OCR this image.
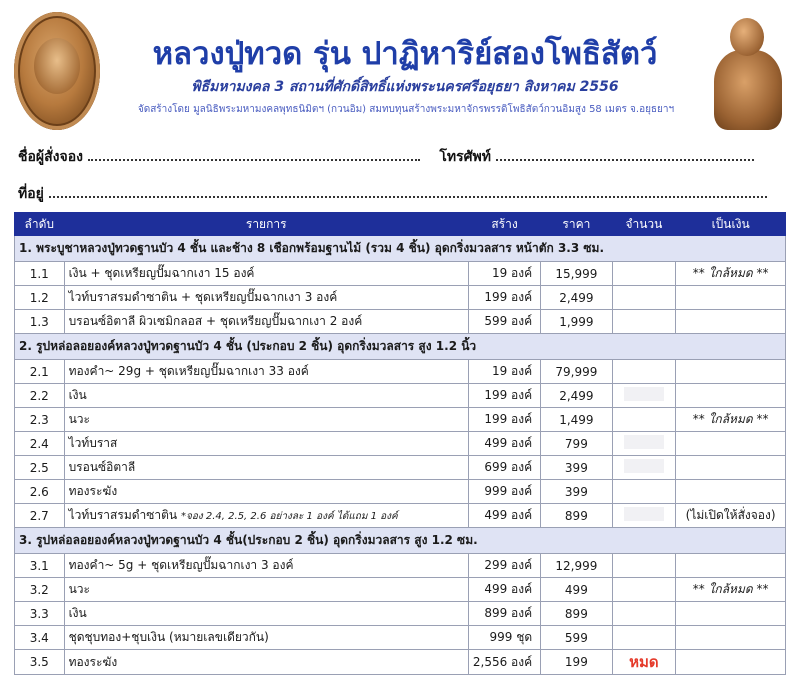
หลวงปู่ทวด รุ่น ปาฏิหาริย์สองโพธิสัตว์
พิธีมหามงคล 3 สถานที่ศักดิ์สิทธิ์แห่งพระนครศรีอยุธยา สิงหาคม 2556
จัดสร้างโดย มูลนิธิพระมหามงคลพุทธนิมิตฯ (กวนอิม) สมทบทุนสร้างพระมหาจักรพรรดิโพธิสัตว์กวนอิมสูง 58 เมตร จ.อยุธยาฯ
ชื่อผู้สั่งจอง	โทรศัพท์
ที่อยู่
ลำดับ	รายการ	สร้าง	ราคา	จำนวน	เป็นเงิน
1. พระบูชาหลวงปู่ทวดฐานบัว 4 ชั้น และช้าง 8 เชือกพร้อมฐานไม้ (รวม 4 ชิ้น) อุดกริ่งมวลสาร หน้าตัก 3.3 ซม.					
1.1	เงิน + ชุดเหรียญปั๊มฉากเงา 15 องค์	19 องค์	15,999		** ใกล้หมด **
1.2	ไวท์บราสรมดำซาติน + ชุดเหรียญปั๊มฉากเงา 3 องค์	199 องค์	2,499		
1.3	บรอนซ์อิตาลี ผิวเซมิกลอส + ชุดเหรียญปั๊มฉากเงา 2 องค์	599 องค์	1,999		
2. รูปหล่อลอยองค์หลวงปู่ทวดฐานบัว 4 ชั้น (ประกอบ 2 ชิ้น) อุดกริ่งมวลสาร สูง 1.2 นิ้ว					
2.1	ทองคำ~ 29g + ชุดเหรียญปั๊มฉากเงา 33 องค์	19 องค์	79,999		
2.2	เงิน	199 องค์	2,499		
2.3	นวะ	199 องค์	1,499		** ใกล้หมด **
2.4	ไวท์บราส	499 องค์	799		
2.5	บรอนซ์อิตาลี	699 องค์	399		
2.6	ทองระฆัง	999 องค์	399		
2.7	ไวท์บราสรมดำซาติน *จอง 2.4, 2.5, 2.6 อย่างละ 1 องค์ ได้แถม 1 องค์	499 องค์	899		(ไม่เปิดให้สั่งจอง)
3. รูปหล่อลอยองค์หลวงปู่ทวดฐานบัว 4 ชั้น(ประกอบ 2 ชิ้น) อุดกริ่งมวลสาร สูง 1.2 ซม.					
3.1	ทองคำ~ 5g + ชุดเหรียญปั๊มฉากเงา 3 องค์	299 องค์	12,999		
3.2	นวะ	499 องค์	499		** ใกล้หมด **
3.3	เงิน	899 องค์	899		
3.4	ชุดชุบทอง+ชุบเงิน (หมายเลขเดียวกัน)	999 ชุด	599		
3.5	ทองระฆัง	2,556 องค์	199	หมด	
